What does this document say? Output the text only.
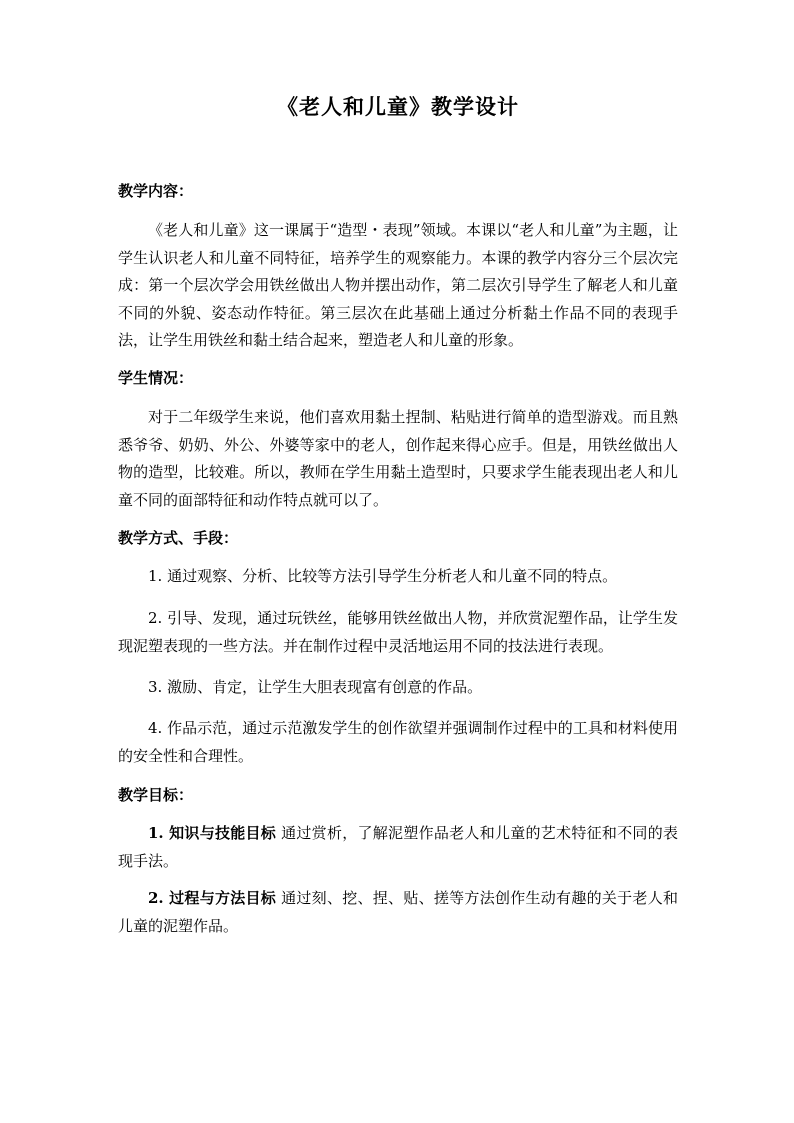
《老人和儿童》教学设计
教学内容：

《老人和儿童》这一课属于“造型・表现”领域。本课以“老人和儿童”为主题，让学生认识老人和儿童不同特征，培养学生的观察能力。本课的教学内容分三个层次完成：第一个层次学会用铁丝做出人物并摆出动作，第二层次引导学生了解老人和儿童不同的外貌、姿态动作特征。第三层次在此基础上通过分析黏土作品不同的表现手法，让学生用铁丝和黏土结合起来，塑造老人和儿童的形象。

学生情况：

对于二年级学生来说，他们喜欢用黏土捏制、粘贴进行简单的造型游戏。而且熟悉爷爷、奶奶、外公、外婆等家中的老人，创作起来得心应手。但是，用铁丝做出人物的造型，比较难。所以，教师在学生用黏土造型时，只要求学生能表现出老人和儿童不同的面部特征和动作特点就可以了。

教学方式、手段：

1. 通过观察、分析、比较等方法引导学生分析老人和儿童不同的特点。

2. 引导、发现，通过玩铁丝，能够用铁丝做出人物，并欣赏泥塑作品，让学生发现泥塑表现的一些方法。并在制作过程中灵活地运用不同的技法进行表现。

3. 激励、肯定，让学生大胆表现富有创意的作品。

4. 作品示范，通过示范激发学生的创作欲望并强调制作过程中的工具和材料使用的安全性和合理性。

教学目标：

1. 知识与技能目标 通过赏析，了解泥塑作品老人和儿童的艺术特征和不同的表现手法。

2. 过程与方法目标 通过刻、挖、捏、贴、搓等方法创作生动有趣的关于老人和儿童的泥塑作品。
